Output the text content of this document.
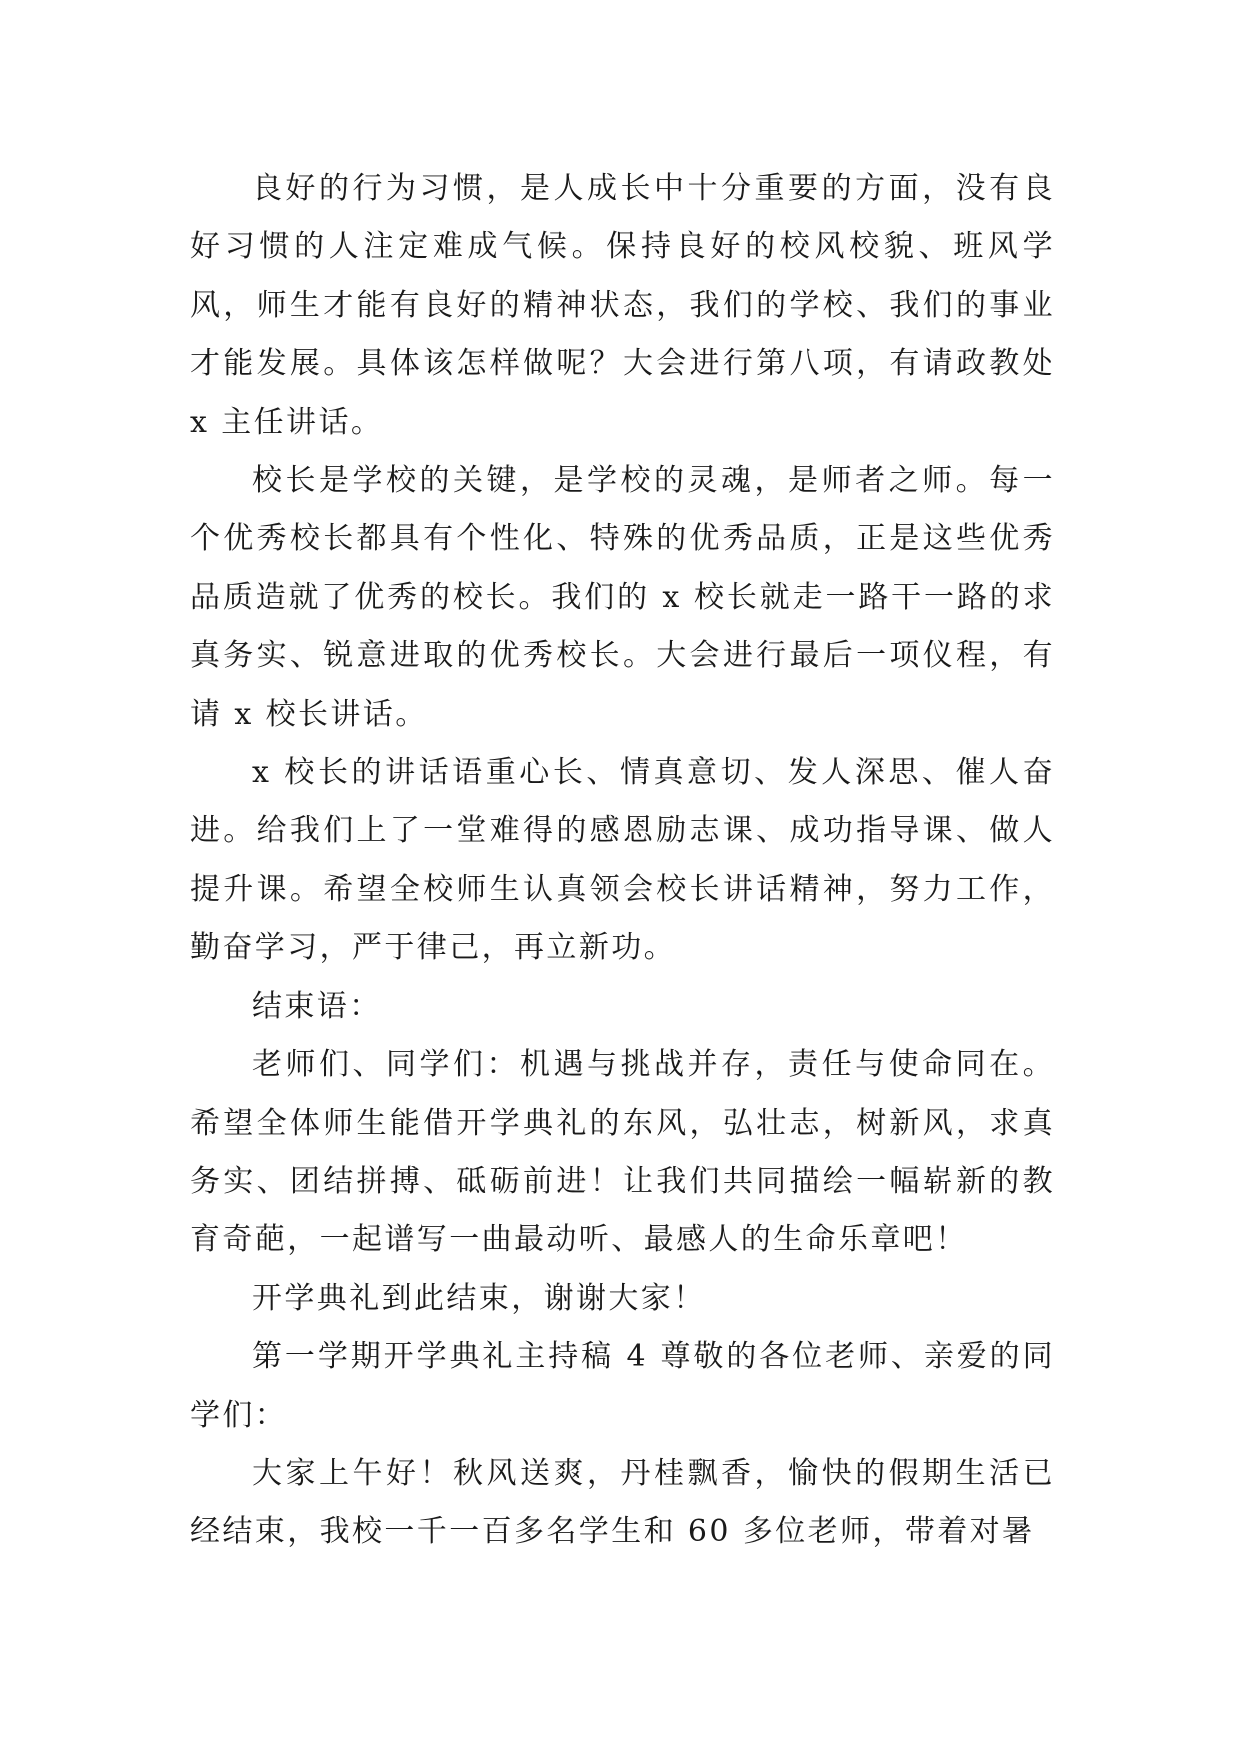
良好的行为习惯，是人成长中十分重要的方面，没有良好习惯的人注定难成气候。保持良好的校风校貌、班风学风，师生才能有良好的精神状态，我们的学校、我们的事业才能发展。具体该怎样做呢？大会进行第八项，有请政教处 x 主任讲话。

校长是学校的关键，是学校的灵魂，是师者之师。每一个优秀校长都具有个性化、特殊的优秀品质，正是这些优秀品质造就了优秀的校长。我们的 x 校长就走一路干一路的求真务实、锐意进取的优秀校长。大会进行最后一项仪程，有请 x 校长讲话。

x 校长的讲话语重心长、情真意切、发人深思、催人奋进。给我们上了一堂难得的感恩励志课、成功指导课、做人提升课。希望全校师生认真领会校长讲话精神，努力工作，勤奋学习，严于律己，再立新功。

结束语：

老师们、同学们：机遇与挑战并存，责任与使命同在。希望全体师生能借开学典礼的东风，弘壮志，树新风，求真务实、团结拼搏、砥砺前进！让我们共同描绘一幅崭新的教育奇葩，一起谱写一曲最动听、最感人的生命乐章吧！

开学典礼到此结束，谢谢大家！

第一学期开学典礼主持稿 4 尊敬的各位老师、亲爱的同学们：

大家上午好！秋风送爽，丹桂飘香，愉快的假期生活已经结束，我校一千一百多名学生和 60 多位老师，带着对暑
